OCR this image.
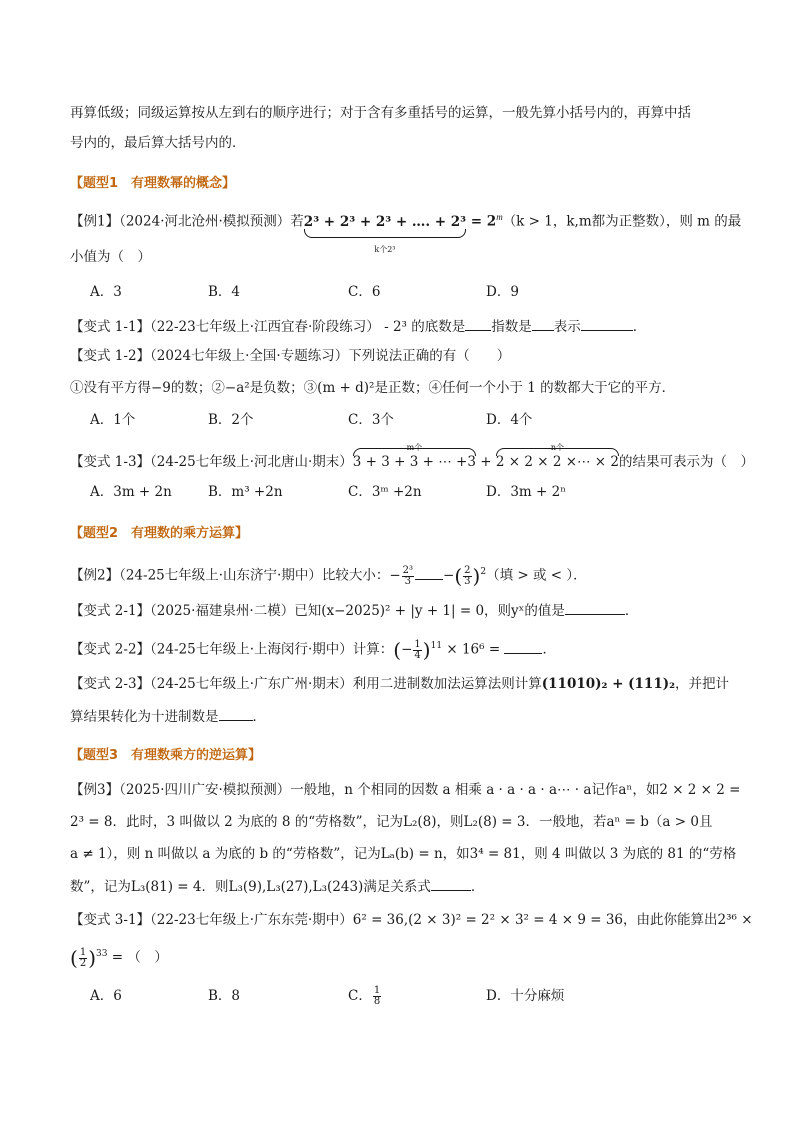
再算低级；同级运算按从左到右的顺序进行；对于含有多重括号的运算，一般先算小括号内的，再算中括
号内的，最后算大括号内的．
【题型1　有理数幂的概念】
【例1】（2024·河北沧州·模拟预测）若2³ + 2³ + 2³ + …. + 2³
k个2³
= $2^m(k > 1$，k,m都为正整数），则 m 的最
小值为（　）
A．3	B．4	C．6	D．9
【变式 1-1】（22-23七年级上·江西宜春·阶段练习） - 2³ 的底数是 指数是 表示	．
【变式 1-2】（2024七年级上·全国·专题练习）下列说法正确的有（　　）
①没有平方得−9的数；②−a²是负数；③(m + d)²是正数；④任何一个小于 1 的数都大于它的平方．
A．1个	B．2个	C．3个	D．4个
【变式 1-3】（24-25七年级上·河北唐山·期末）
m个
3 + 3 + 3 + ⋯ +3 +
n个
2 × 2 × 2 ×⋯ × 2的结果可表示为（　）
A．3m + 2n	B．m³ +2n	C．3ᵐ +2n	D．3m + 2ⁿ
【题型2　有理数的乘方运算】
【例2】（24-25七年级上·山东济宁·期中）比较大小：− $\frac{\text{2³}}{3}$ −( $\frac{2}{3} )^2$（填 > 或 < ）．
【变式 2-1】（2025·福建泉州·二模）已知(x−2025)² + |y + 1| = 0，则yˣ的值是	．
【变式 2-2】（24-25七年级上·上海闵行·期中）计算：(− $\frac{1}{4} )^{11} \times 16^6$ =	．
【变式 2-3】（24-25七年级上·广东广州·期末）利用二进制数加法运算法则计算(11010)₂ + (111)₂，并把计
算结果转化为十进制数是	．
【题型3　有理数乘方的逆运算】
【例3】（2025·四川广安·模拟预测）一般地，n 个相同的因数 a 相乘 a · a · a · a⋯ · a记作aⁿ，如2 × 2 × 2 =
2³ = 8．此时，3 叫做以 2 为底的 8 的“劳格数”，记为L₂(8)，则L₂(8) = 3．一般地，若aⁿ = b（a > 0且
a ≠ 1），则 n 叫做以 a 为底的 b 的“劳格数”，记为Lₐ(b) = n，如3⁴ = 81，则 4 叫做以 3 为底的 81 的“劳格
数”，记为L₃(81) = 4．则L₃(9),L₃(27),L₃(243)满足关系式	．
【变式 3-1】（22-23七年级上·广东东莞·期中）6² = 36,(2 × 3)² = 2² × 3² = 4 × 9 = 36，由此你能算出2³⁶ ×
( $\frac{1}{2} )^{33}$ = （　）
A．6	B．8	C． $\frac{1}{8}$	D．十分麻烦
